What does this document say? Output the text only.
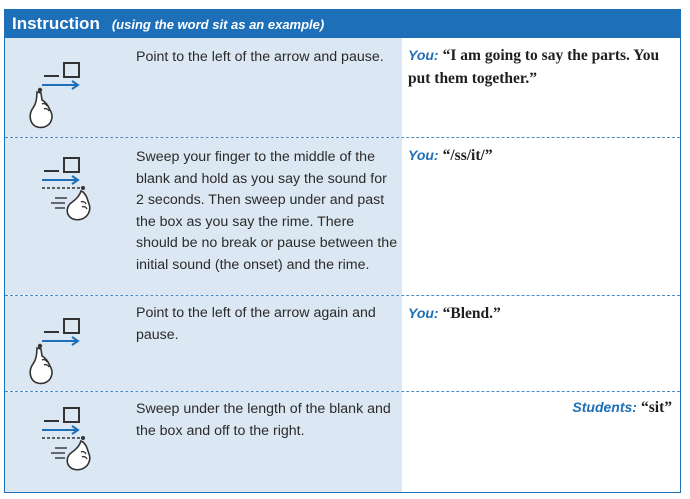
Instruction (using the word sit as an example)
Point to the left of the arrow and pause.	You: “I am going to say the parts. You put them together.”
Sweep your finger to the middle of the blank and hold as you say the sound for 2 seconds. Then sweep under and past the box as you say the rime. There should be no break or pause between the initial sound (the onset) and the rime.
You: “/ss/it/”
Point to the left of the arrow again and pause.
You: “Blend.”
Sweep under the length of the blank and the box and off to the right.
Students: “sit”
